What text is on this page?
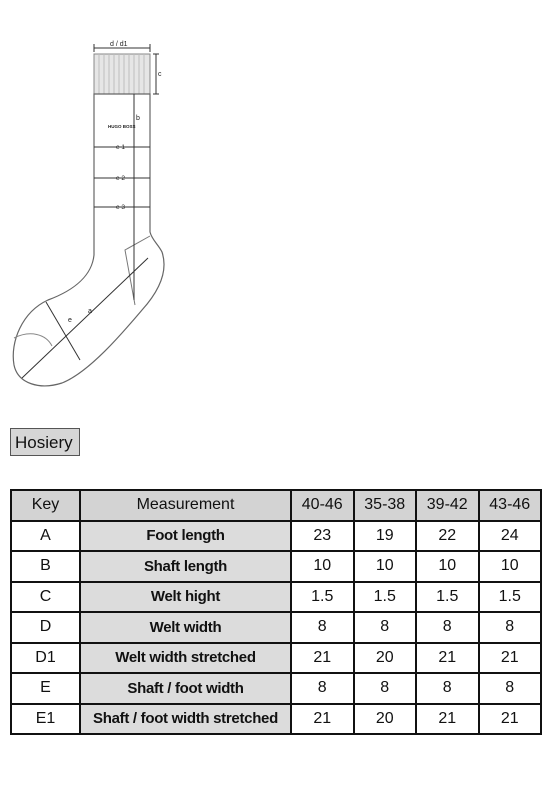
d / d1
c
b
HUGO BOSS
e 1
e 2
e 3
a
e
Hosiery
Key	Measurement	40-46	35-38	39-42	43-46
A	Foot length	23	19	22	24
B	Shaft length	10	10	10	10
C	Welt hight	1.5	1.5	1.5	1.5
D	Welt width	8	8	8	8
D1	Welt width stretched	21	20	21	21
E	Shaft / foot width	8	8	8	8
E1	Shaft / foot width stretched	21	20	21	21
